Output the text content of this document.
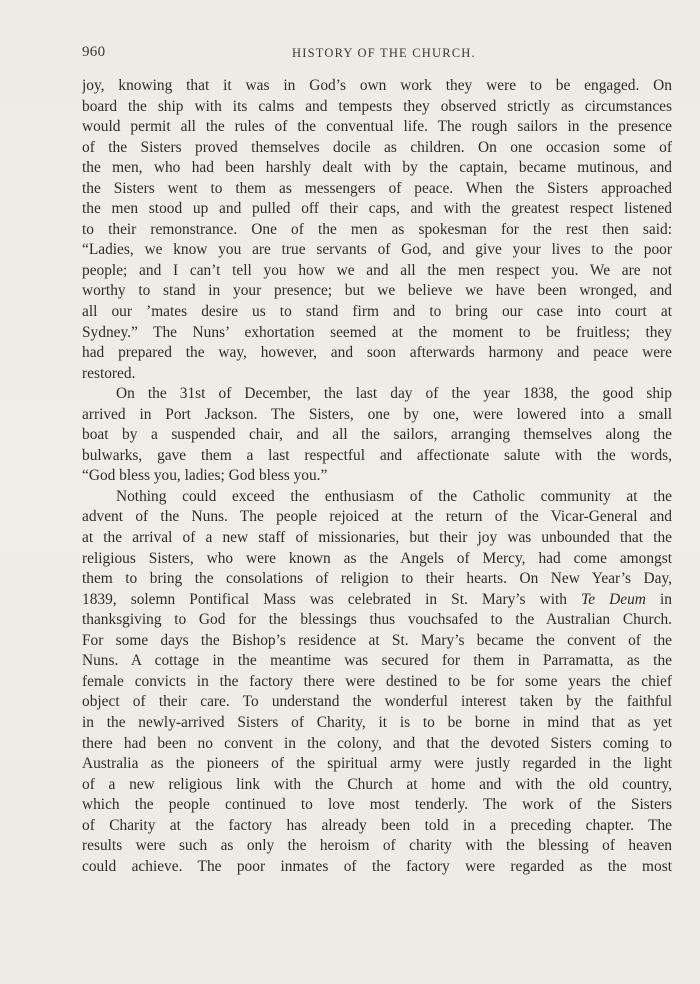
960	HISTORY OF THE CHURCH.
joy, knowing that it was in God’s own work they were to be engaged. On
board the ship with its calms and tempests they observed strictly as circumstances
would permit all the rules of the conventual life. The rough sailors in the presence
of the Sisters proved themselves docile as children. On one occasion some of
the men, who had been harshly dealt with by the captain, became mutinous, and
the Sisters went to them as messengers of peace. When the Sisters approached
the men stood up and pulled off their caps, and with the greatest respect listened
to their remonstrance. One of the men as spokesman for the rest then said:
“Ladies, we know you are true servants of God, and give your lives to the poor
people; and I can’t tell you how we and all the men respect you. We are not
worthy to stand in your presence; but we believe we have been wronged, and
all our ’mates desire us to stand firm and to bring our case into court at
Sydney.” The Nuns’ exhortation seemed at the moment to be fruitless; they
had prepared the way, however, and soon afterwards harmony and peace were
restored.
On the 31st of December, the last day of the year 1838, the good ship
arrived in Port Jackson. The Sisters, one by one, were lowered into a small
boat by a suspended chair, and all the sailors, arranging themselves along the
bulwarks, gave them a last respectful and affectionate salute with the words,
“God bless you, ladies; God bless you.”
Nothing could exceed the enthusiasm of the Catholic community at the
advent of the Nuns. The people rejoiced at the return of the Vicar-General and
at the arrival of a new staff of missionaries, but their joy was unbounded that the
religious Sisters, who were known as the Angels of Mercy, had come amongst
them to bring the consolations of religion to their hearts. On New Year’s Day,
1839, solemn Pontifical Mass was celebrated in St. Mary’s with Te Deum in
thanksgiving to God for the blessings thus vouchsafed to the Australian Church.
For some days the Bishop’s residence at St. Mary’s became the convent of the
Nuns. A cottage in the meantime was secured for them in Parramatta, as the
female convicts in the factory there were destined to be for some years the chief
object of their care. To understand the wonderful interest taken by the faithful
in the newly-arrived Sisters of Charity, it is to be borne in mind that as yet
there had been no convent in the colony, and that the devoted Sisters coming to
Australia as the pioneers of the spiritual army were justly regarded in the light
of a new religious link with the Church at home and with the old country,
which the people continued to love most tenderly. The work of the Sisters
of Charity at the factory has already been told in a preceding chapter. The
results were such as only the heroism of charity with the blessing of heaven
could achieve. The poor inmates of the factory were regarded as the most
